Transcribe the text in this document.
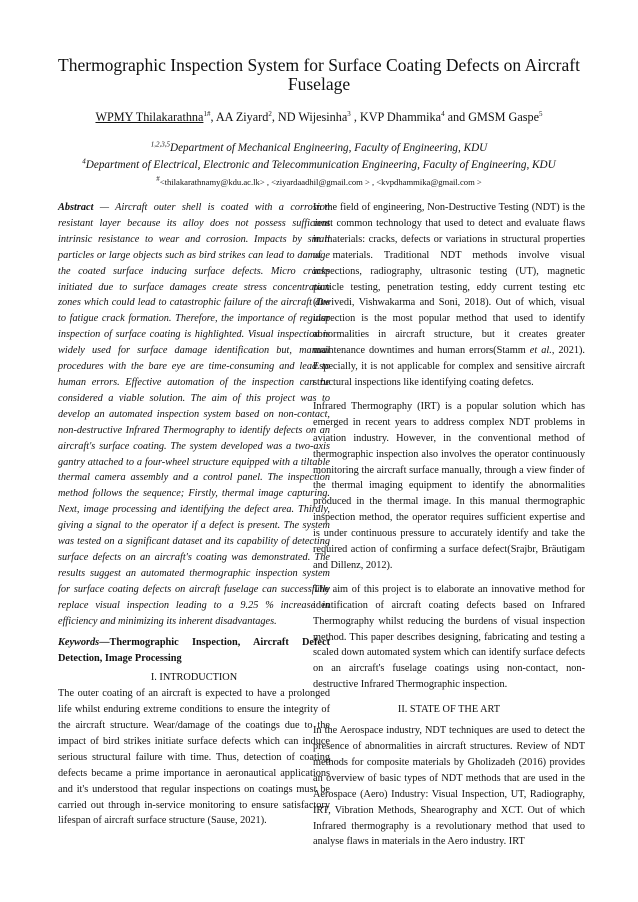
Thermographic Inspection System for Surface Coating Defects on Aircraft Fuselage
WPMY Thilakarathna$^{1\#}$, AA Ziyard$^2$, ND Wijesinha$^3$ , KVP Dhammika$^4$ and GMSM Gaspe$^5$
$^{1,2,3,5}$Department of Mechanical Engineering, Faculty of Engineering, KDU
$^4$Department of Electrical, Electronic and Telecommunication Engineering, Faculty of Engineering, KDU
#<thilakarathnamy@kdu.ac.lk> , <ziyardaadhil@gmail.com > , <kvpdhammika@gmail.com >

Abstract — Aircraft outer shell is coated with a corrosion resistant layer because its alloy does not possess sufficient intrinsic resistance to wear and corrosion. Impacts by small particles or large objects such as bird strikes can lead to damage the coated surface inducing surface defects. Micro cracks initiated due to surface damages create stress concentration zones which could lead to catastrophic failure of the aircraft due to fatigue crack formation. Therefore, the importance of regular inspection of surface coating is highlighted. Visual inspection is widely used for surface damage identification but, manual procedures with the bare eye are time-consuming and lead to human errors. Effective automation of the inspection can be considered a viable solution. The aim of this project was to develop an automated inspection system based on non-contact, non-destructive Infrared Thermography to identify defects on an aircraft's surface coating. The system developed was a two-axis gantry attached to a four-wheel structure equipped with a tiltable thermal camera assembly and a control panel. The inspection method follows the sequence; Firstly, thermal image capturing. Next, image processing and identifying the defect area. Thirdly, giving a signal to the operator if a defect is present. The system was tested on a significant dataset and its capability of detecting surface defects on an aircraft's coating was demonstrated. The results suggest an automated thermographic inspection system for surface coating defects on aircraft fuselage can successfully replace visual inspection leading to a 9.25 % increase in efficiency and minimizing its inherent disadvantages.

Keywords—Thermographic Inspection, Aircraft Defect Detection, Image Processing

I. INTRODUCTION

The outer coating of an aircraft is expected to have a prolonged life whilst enduring extreme conditions to ensure the integrity of the aircraft structure. Wear/damage of the coatings due to the impact of bird strikes initiate surface defects which can induce serious structural failure with time. Thus, detection of coating defects became a prime importance in aeronautical applications and it's understood that regular inspections on coatings must be carried out through in-service monitoring to ensure satisfactory lifespan of aircraft surface structure (Sause, 2021).

In the field of engineering, Non-Destructive Testing (NDT) is the most common technology that used to detect and evaluate flaws in materials: cracks, defects or variations in structural properties of materials. Traditional NDT methods involve visual inspections, radiography, ultrasonic testing (UT), magnetic particle testing, penetration testing, eddy current testing etc (Dwivedi, Vishwakarma and Soni, 2018). Out of which, visual inspection is the most popular method that used to identify abnormalities in aircraft structure, but it creates greater maintenance downtimes and human errors(Stamm et al., 2021). Especially, it is not applicable for complex and sensitive aircraft structural inspections like identifying coating defetcs.

Infrared Thermography (IRT) is a popular solution which has emerged in recent years to address complex NDT problems in aviation industry. However, in the conventional method of thermographic inspection also involves the operator continuously monitoring the aircraft surface manually, through a view finder of the thermal imaging equipment to identify the abnormalities produced in the thermal image. In this manual thermographic inspection method, the operator requires sufficient expertise and is under continuous pressure to accurately identify and take the required action of confirming a surface defect(Srajbr, Bräutigam and Dillenz, 2012).

The aim of this project is to elaborate an innovative method for identification of aircraft coating defects based on Infrared Thermography whilst reducing the burdens of visual inspection method. This paper describes designing, fabricating and testing a scaled down automated system which can identify surface defects on an aircraft's fuselage coatings using non-contact, non-destructive Infrared Thermographic inspection.

II. STATE OF THE ART

In the Aerospace industry, NDT techniques are used to detect the presence of abnormalities in aircraft structures. Review of NDT methods for composite materials by Gholizadeh (2016) provides an overview of basic types of NDT methods that are used in the Aerospace (Aero) Industry: Visual Inspection, UT, Radiography, IRT, Vibration Methods, Shearography and XCT. Out of which Infrared thermography is a revolutionary method that used to analyse flaws in materials in the Aero industry. IRT
